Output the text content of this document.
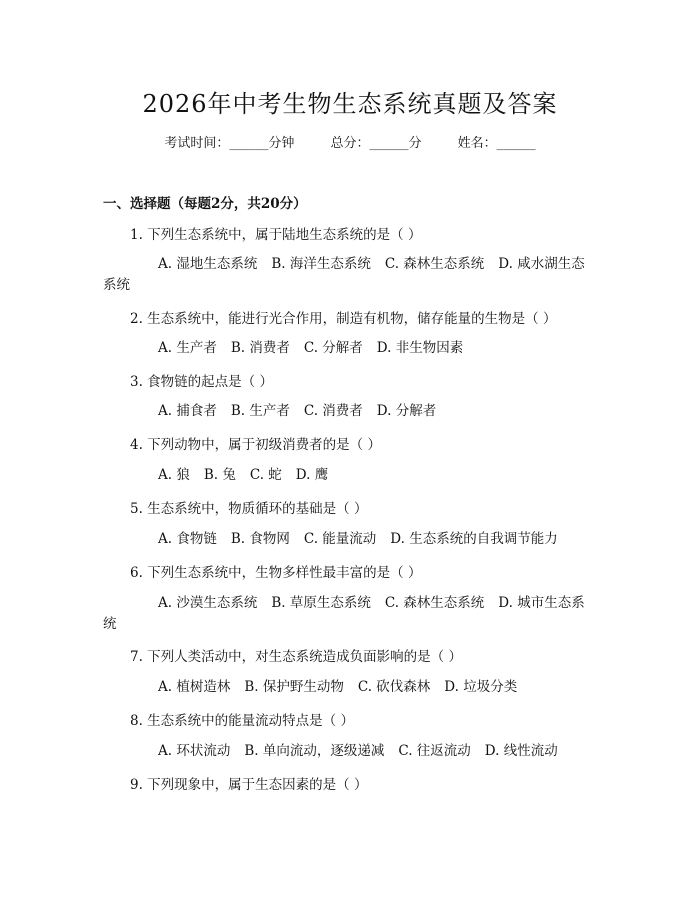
2026年中考生物生态系统真题及答案
考试时间：______分钟	总分：______分	姓名：______
一、选择题（每题2分，共20分）
1. 下列生态系统中，属于陆地生态系统的是（ ）
A. 湿地生态系统 B. 海洋生态系统 C. 森林生态系统 D. 咸水湖生态系统
2. 生态系统中，能进行光合作用，制造有机物，储存能量的生物是（ ）
A. 生产者 B. 消费者 C. 分解者 D. 非生物因素
3. 食物链的起点是（ ）
A. 捕食者 B. 生产者 C. 消费者 D. 分解者
4. 下列动物中，属于初级消费者的是（ ）
A. 狼 B. 兔 C. 蛇 D. 鹰
5. 生态系统中，物质循环的基础是（ ）
A. 食物链 B. 食物网 C. 能量流动 D. 生态系统的自我调节能力
6. 下列生态系统中，生物多样性最丰富的是（ ）
A. 沙漠生态系统 B. 草原生态系统 C. 森林生态系统 D. 城市生态系统
7. 下列人类活动中，对生态系统造成负面影响的是（ ）
A. 植树造林 B. 保护野生动物 C. 砍伐森林 D. 垃圾分类
8. 生态系统中的能量流动特点是（ ）
A. 环状流动 B. 单向流动，逐级递减 C. 往返流动 D. 线性流动
9. 下列现象中，属于生态因素的是（ ）
